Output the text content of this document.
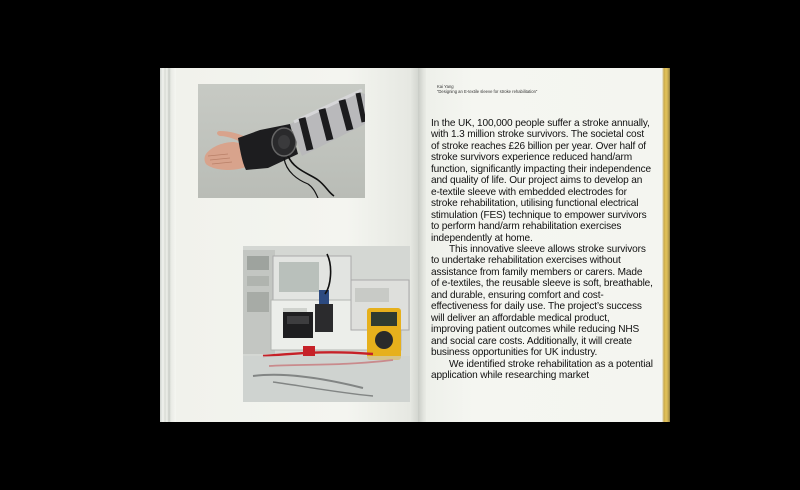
Kai Yang
“Designing an E-textile sleeve for stroke rehabilitation”

In the UK, 100,000 people suffer a stroke annually, with 1.3 million stroke survivors. The societal cost of stroke reaches £26 billion per year. Over half of stroke survivors experience reduced hand/arm function, significantly impacting their independence and quality of life. Our project aims to develop an e-textile sleeve with embedded electrodes for stroke rehabilitation, utilising functional electrical stimulation (FES) technique to empower survivors to perform hand/arm rehabilitation exercises independently at home.

This innovative sleeve allows stroke survivors to undertake rehabilitation exercises without assistance from family members or carers. Made of e-textiles, the reusable sleeve is soft, breathable, and durable, ensuring comfort and cost-effectiveness for daily use. The project’s success will deliver an affordable medical product, improving patient outcomes while reducing NHS and social care costs. Additionally, it will create business opportunities for UK industry.

We identified stroke rehabilitation as a potential application while researching market
